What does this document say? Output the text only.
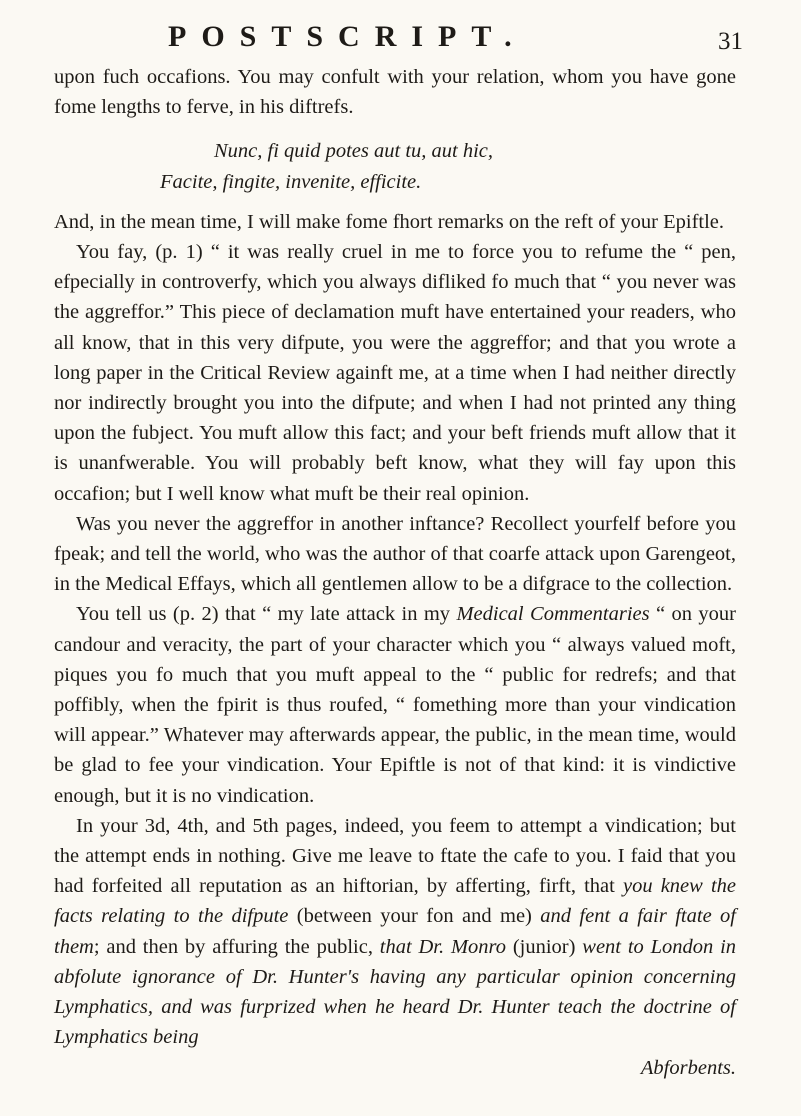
POSTSCRIPT.	31

upon fuch occafions. You may confult with your relation, whom you have gone fome lengths to ferve, in his diftrefs.

Nunc, fi quid potes aut tu, aut hic,

Facite, fingite, invenite, efficite.

And, in the mean time, I will make fome fhort remarks on the reft of your Epiftle.

You fay, (p. 1) “ it was really cruel in me to force you to refume the “ pen, efpecially in controverfy, which you always difliked fo much that “ you never was the aggreffor.” This piece of declamation muft have entertained your readers, who all know, that in this very difpute, you were the aggreffor; and that you wrote a long paper in the Critical Review againft me, at a time when I had neither directly nor indirectly brought you into the difpute; and when I had not printed any thing upon the fubject. You muft allow this fact; and your beft friends muft allow that it is unanfwerable. You will probably beft know, what they will fay upon this occafion; but I well know what muft be their real opinion.

Was you never the aggreffor in another inftance? Recollect yourfelf before you fpeak; and tell the world, who was the author of that coarfe attack upon Garengeot, in the Medical Effays, which all gentlemen allow to be a difgrace to the collection.

You tell us (p. 2) that “ my late attack in my Medical Commentaries “ on your candour and veracity, the part of your character which you “ always valued moft, piques you fo much that you muft appeal to the “ public for redrefs; and that poffibly, when the fpirit is thus roufed, “ fomething more than your vindication will appear.” Whatever may afterwards appear, the public, in the mean time, would be glad to fee your vindication. Your Epiftle is not of that kind: it is vindictive enough, but it is no vindication.

In your 3d, 4th, and 5th pages, indeed, you feem to attempt a vindication; but the attempt ends in nothing. Give me leave to ftate the cafe to you. I faid that you had forfeited all reputation as an hiftorian, by afferting, firft, that you knew the facts relating to the difpute (between your fon and me) and fent a fair ftate of them; and then by affuring the public, that Dr. Monro (junior) went to London in abfolute ignorance of Dr. Hunter's having any particular opinion concerning Lymphatics, and was furprized when he heard Dr. Hunter teach the doctrine of Lymphatics being

Abforbents.
